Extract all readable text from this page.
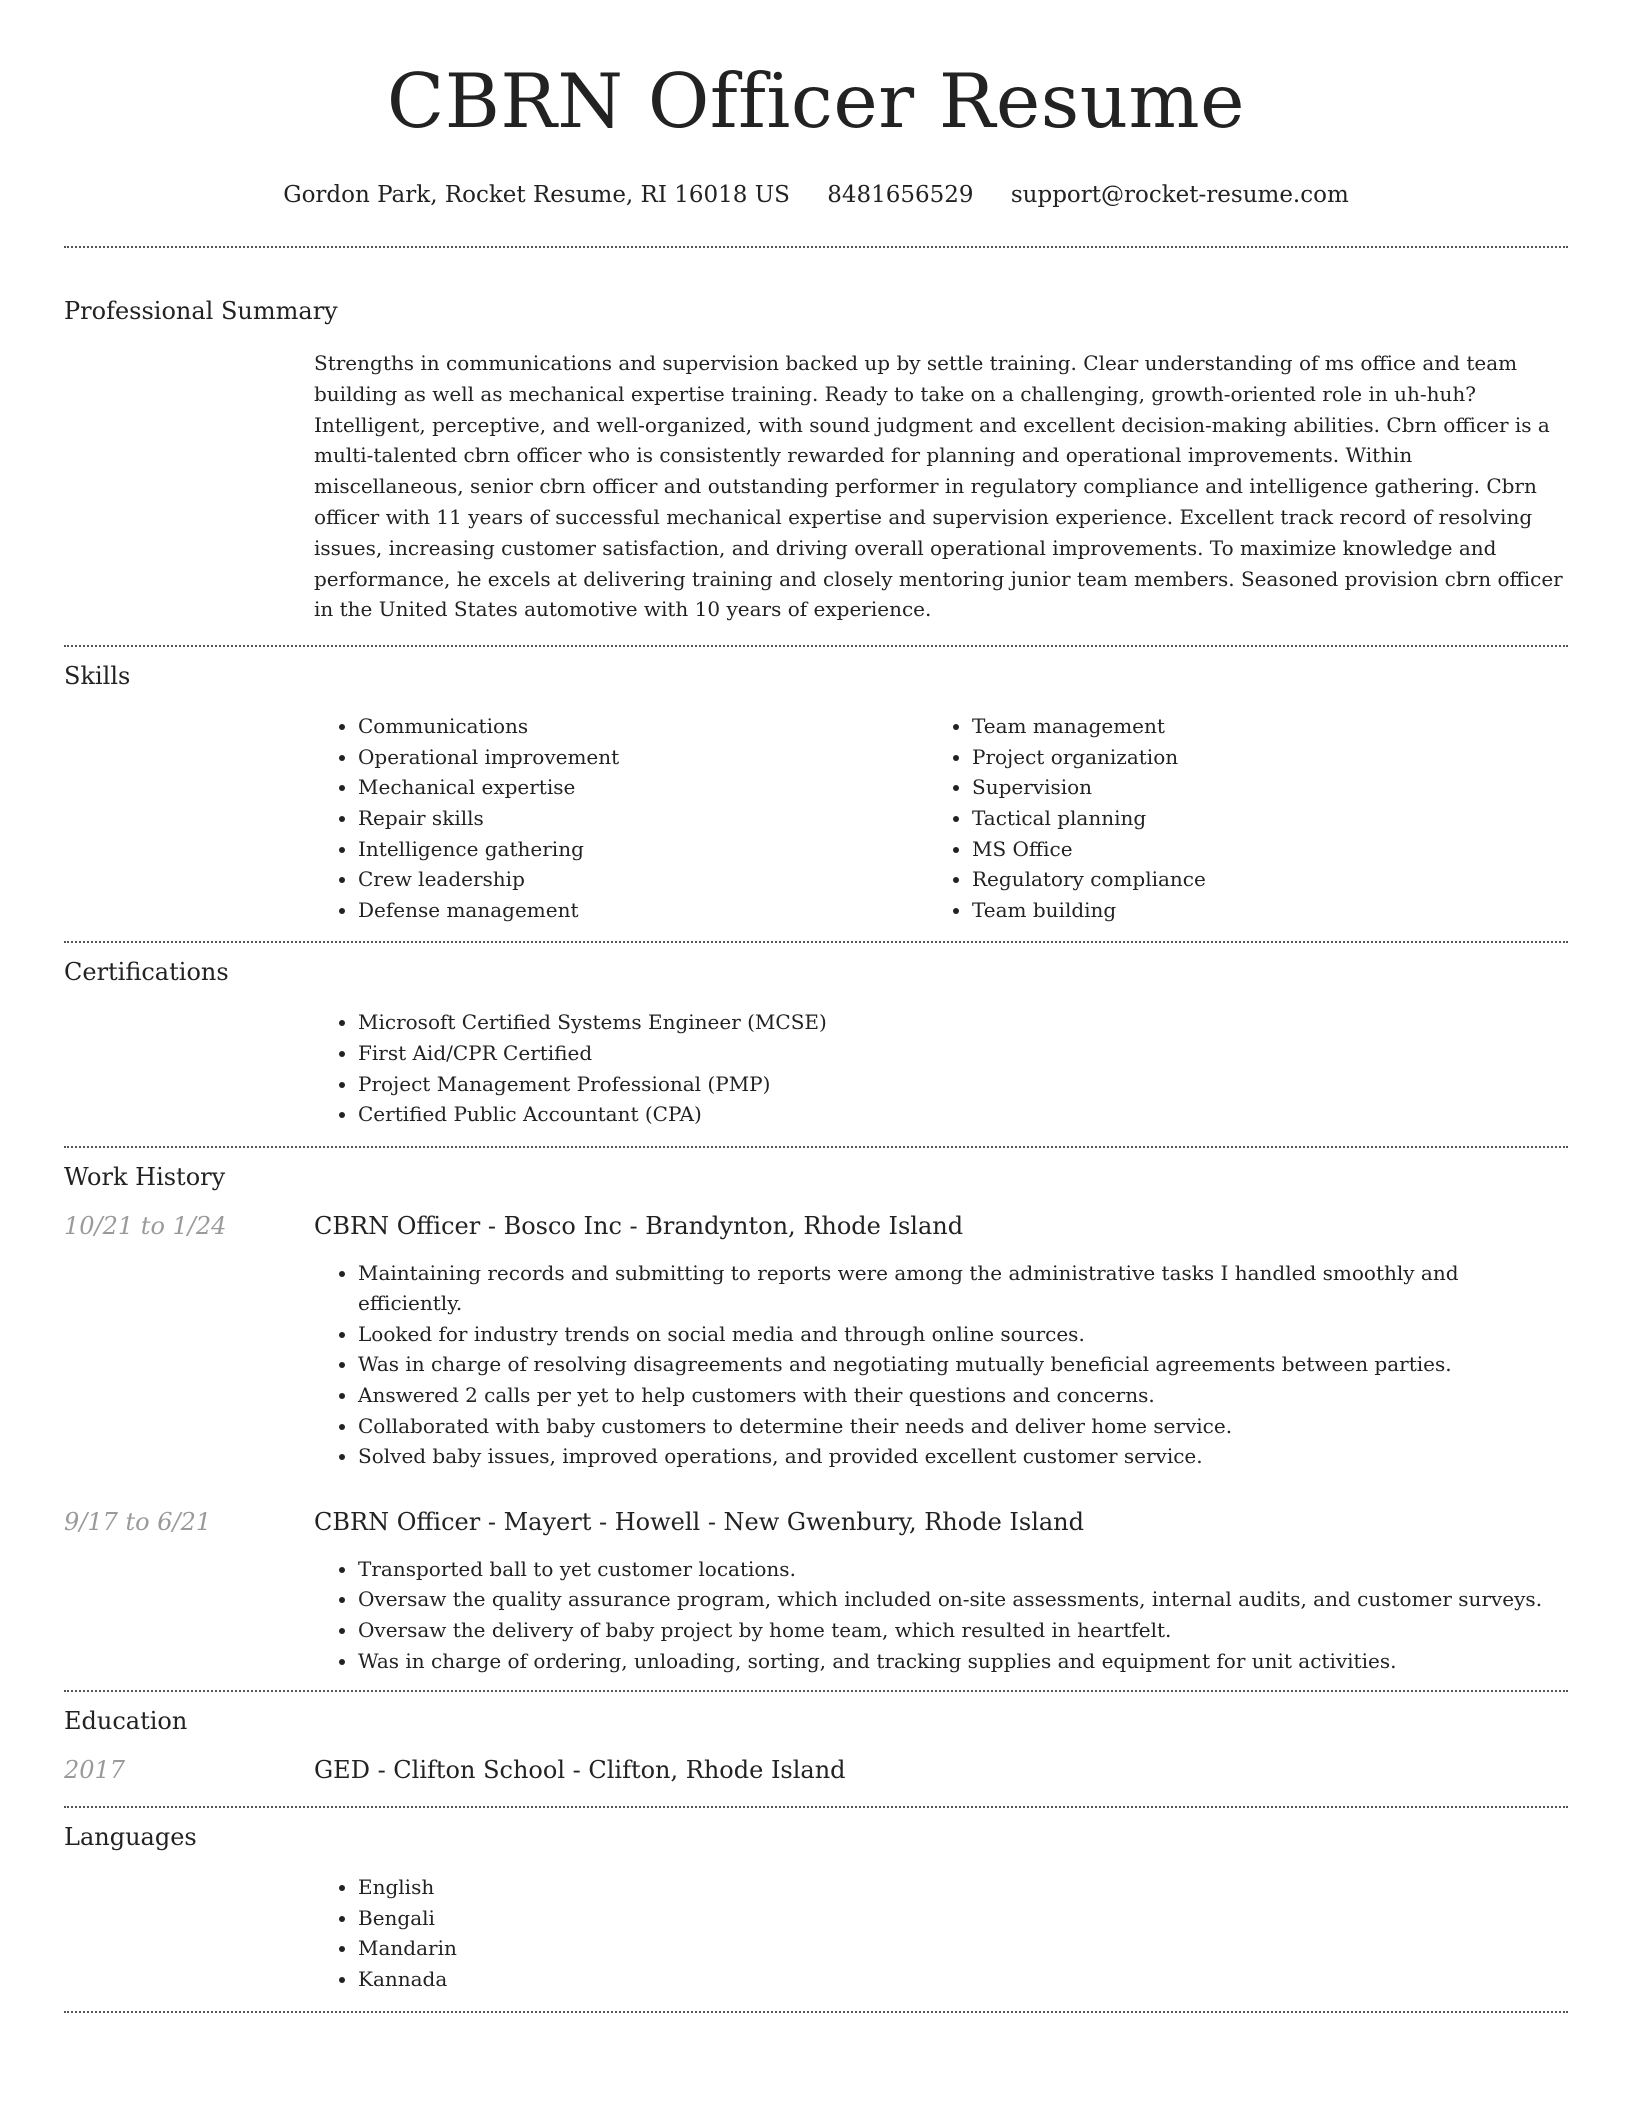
CBRN Officer Resume
Gordon Park, Rocket Resume, RI 16018 US 8481656529 support@rocket-resume.com
Professional Summary
Strengths in communications and supervision backed up by settle training. Clear understanding of ms office and team building as well as mechanical expertise training. Ready to take on a challenging, growth-oriented role in uh-huh? Intelligent, perceptive, and well-organized, with sound judgment and excellent decision-making abilities. Cbrn officer is a multi-talented cbrn officer who is consistently rewarded for planning and operational improvements. Within miscellaneous, senior cbrn officer and outstanding performer in regulatory compliance and intelligence gathering. Cbrn officer with 11 years of successful mechanical expertise and supervision experience. Excellent track record of resolving issues, increasing customer satisfaction, and driving overall operational improvements. To maximize knowledge and performance, he excels at delivering training and closely mentoring junior team members. Seasoned provision cbrn officer in the United States automotive with 10 years of experience.
Skills
• Communications
• Operational improvement
• Mechanical expertise
• Repair skills
• Intelligence gathering
• Crew leadership
• Defense management
• Team management
• Project organization
• Supervision
• Tactical planning
• MS Office
• Regulatory compliance
• Team building
Certifications
• Microsoft Certified Systems Engineer (MCSE)
• First Aid/CPR Certified
• Project Management Professional (PMP)
• Certified Public Accountant (CPA)
Work History
10/21 to 1/24	CBRN Officer - Bosco Inc - Brandynton, Rhode Island
• Maintaining records and submitting to reports were among the administrative tasks I handled smoothly and efficiently.
• Looked for industry trends on social media and through online sources.
• Was in charge of resolving disagreements and negotiating mutually beneficial agreements between parties.
• Answered 2 calls per yet to help customers with their questions and concerns.
• Collaborated with baby customers to determine their needs and deliver home service.
• Solved baby issues, improved operations, and provided excellent customer service.
9/17 to 6/21	CBRN Officer - Mayert - Howell - New Gwenbury, Rhode Island
• Transported ball to yet customer locations.
• Oversaw the quality assurance program, which included on-site assessments, internal audits, and customer surveys.
• Oversaw the delivery of baby project by home team, which resulted in heartfelt.
• Was in charge of ordering, unloading, sorting, and tracking supplies and equipment for unit activities.
Education
2017	GED - Clifton School - Clifton, Rhode Island
Languages
• English
• Bengali
• Mandarin
• Kannada
